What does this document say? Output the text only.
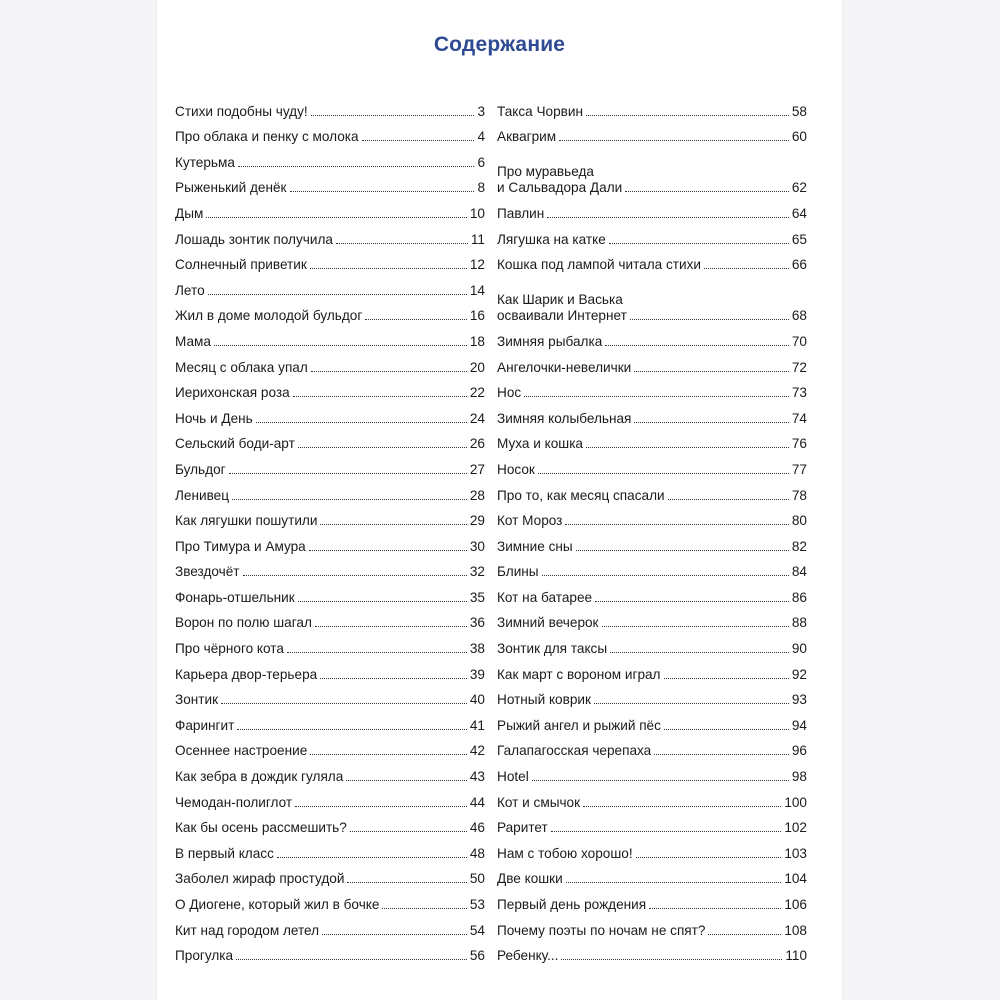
Содержание
Стихи подобны чуду!	3
Про облака и пенку с молока	4
Кутерьма	6
Рыженький денёк	8
Дым	10
Лошадь зонтик получила	11
Солнечный приветик	12
Лето	14
Жил в доме молодой бульдог	16
Мама	18
Месяц с облака упал	20
Иерихонская роза	22
Ночь и День	24
Сельский боди-арт	26
Бульдог	27
Ленивец	28
Как лягушки пошутили	29
Про Тимура и Амура	30
Звездочёт	32
Фонарь-отшельник	35
Ворон по полю шагал	36
Про чёрного кота	38
Карьера двор-терьера	39
Зонтик	40
Фарингит	41
Осеннее настроение	42
Как зебра в дождик гуляла	43
Чемодан-полиглот	44
Как бы осень рассмешить?	46
В первый класс	48
Заболел жираф простудой	50
О Диогене, который жил в бочке	53
Кит над городом летел	54
Прогулка	56
Такса Чорвин	58
Аквагрим	60
Про муравьеда
и Сальвадора Дали	62
Павлин	64
Лягушка на катке	65
Кошка под лампой читала стихи	66
Как Шарик и Васька
осваивали Интернет	68
Зимняя рыбалка	70
Ангелочки-невелички	72
Нос	73
Зимняя колыбельная	74
Муха и кошка	76
Носок	77
Про то, как месяц спасали	78
Кот Мороз	80
Зимние сны	82
Блины	84
Кот на батарее	86
Зимний вечерок	88
Зонтик для таксы	90
Как март с вороном играл	92
Нотный коврик	93
Рыжий ангел и рыжий пёс	94
Галапагосская черепаха	96
Hotel	98
Кот и смычок	100
Раритет	102
Нам с тобою хорошо!	103
Две кошки	104
Первый день рождения	106
Почему поэты по ночам не спят?	108
Ребенку...	110
